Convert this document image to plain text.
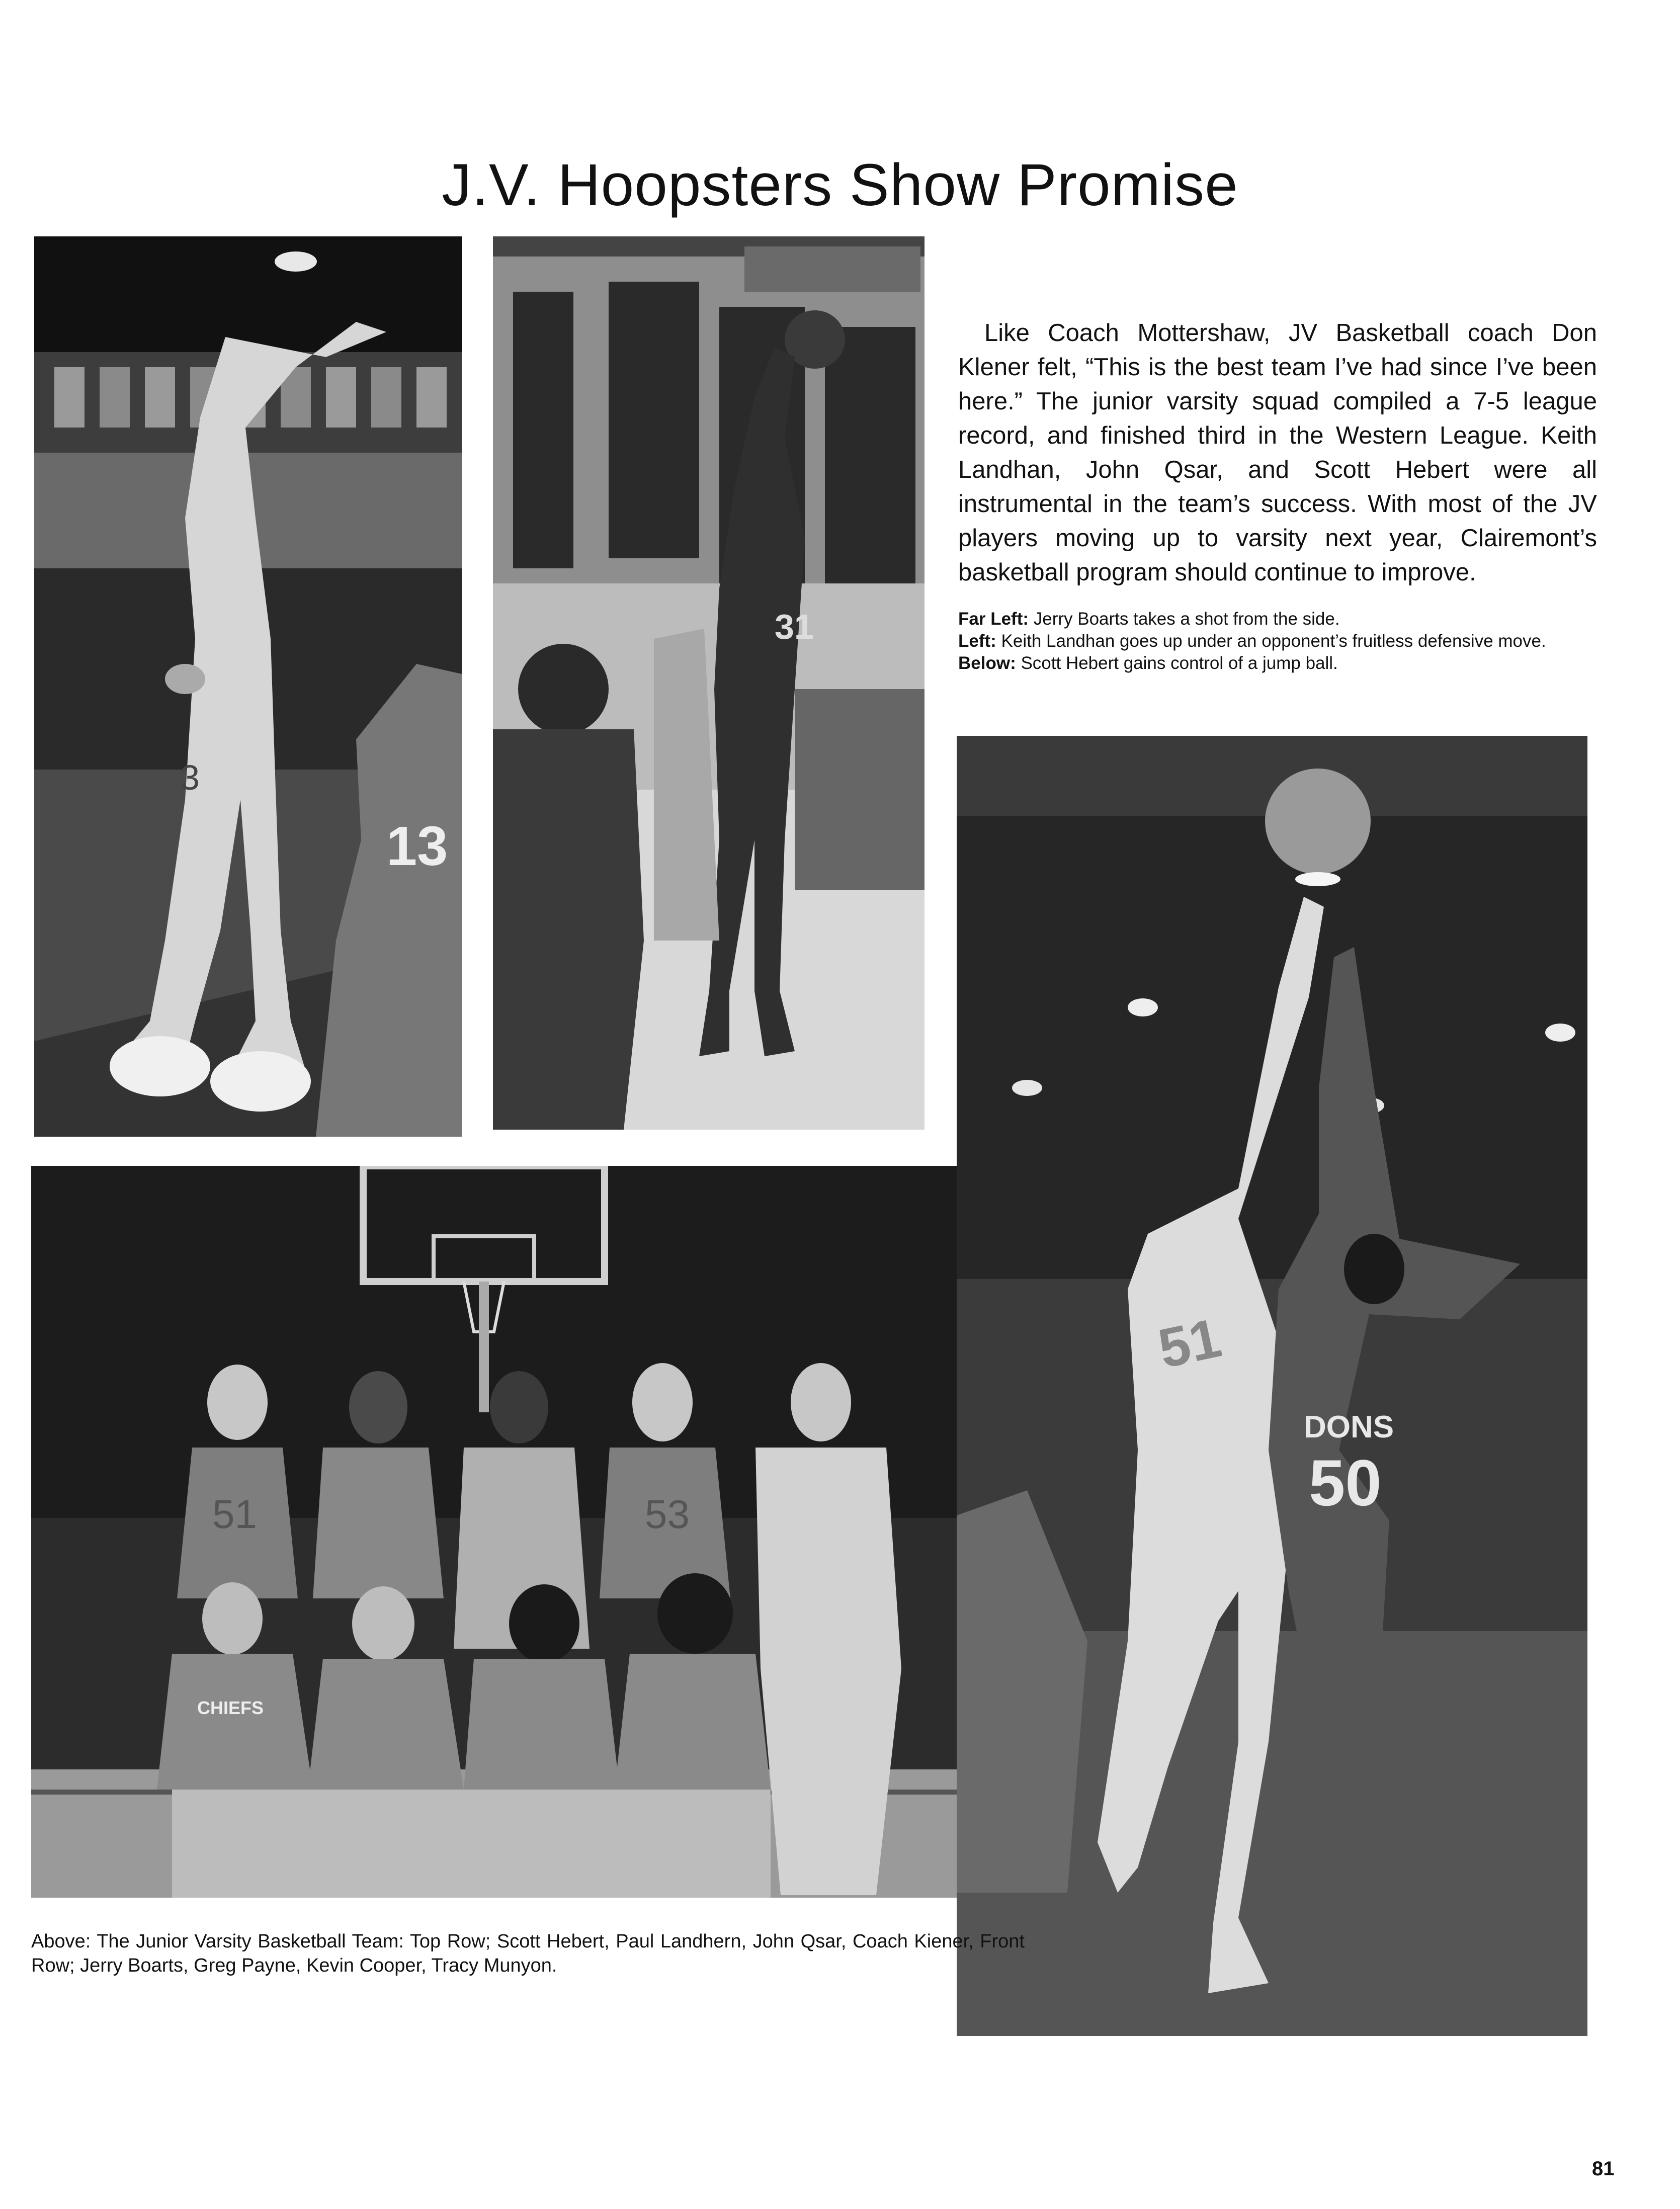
J.V. Hoopsters Show Promise
3
13
31

Like Coach Mottershaw, JV Basketball coach Don Klener felt, “This is the best team I’ve had since I’ve been here.” The junior varsity squad compiled a 7-5 league record, and finished third in the Western League. Keith Landhan, John Qsar, and Scott Hebert were all instrumental in the team’s success. With most of the JV players moving up to varsity next year, Clairemont’s basketball program should continue to improve.

Far Left: Jerry Boarts takes a shot from the side.

Left: Keith Landhan goes up under an opponent’s fruitless defensive move.

Below: Scott Hebert gains control of a jump ball.

51	53
CHIEFS
51
DONS
50

Above: The Junior Varsity Basketball Team: Top Row; Scott Hebert, Paul Landhern, John Qsar, Coach Kiener, Front Row; Jerry Boarts, Greg Payne, Kevin Cooper, Tracy Munyon.

81
